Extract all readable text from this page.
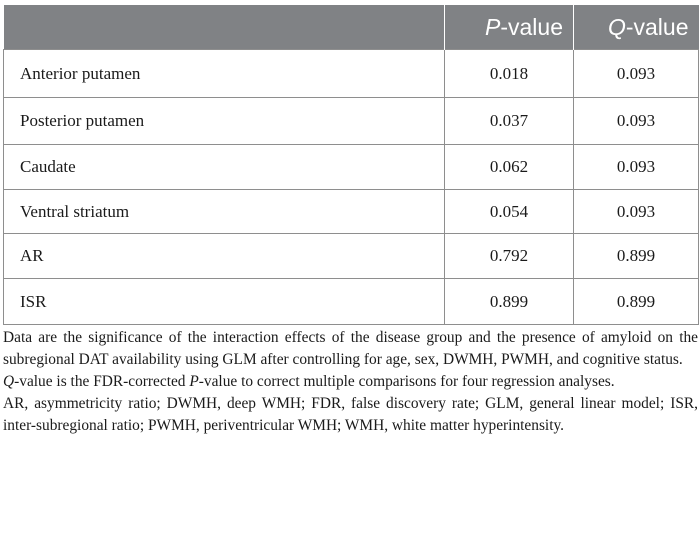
	P-value	Q-value
Anterior putamen	0.018	0.093
Posterior putamen	0.037	0.093
Caudate	0.062	0.093
Ventral striatum	0.054	0.093
AR	0.792	0.899
ISR	0.899	0.899

Data are the significance of the interaction effects of the disease group and the presence of amyloid on the subregional DAT availability using GLM after controlling for age, sex, DWMH, PWMH, and cognitive status.

Q-value is the FDR-corrected P-value to correct multiple comparisons for four regression analyses.

AR, asymmetricity ratio; DWMH, deep WMH; FDR, false discovery rate; GLM, general linear model; ISR, inter-subregional ratio; PWMH, periventricular WMH; WMH, white matter hyperintensity.
